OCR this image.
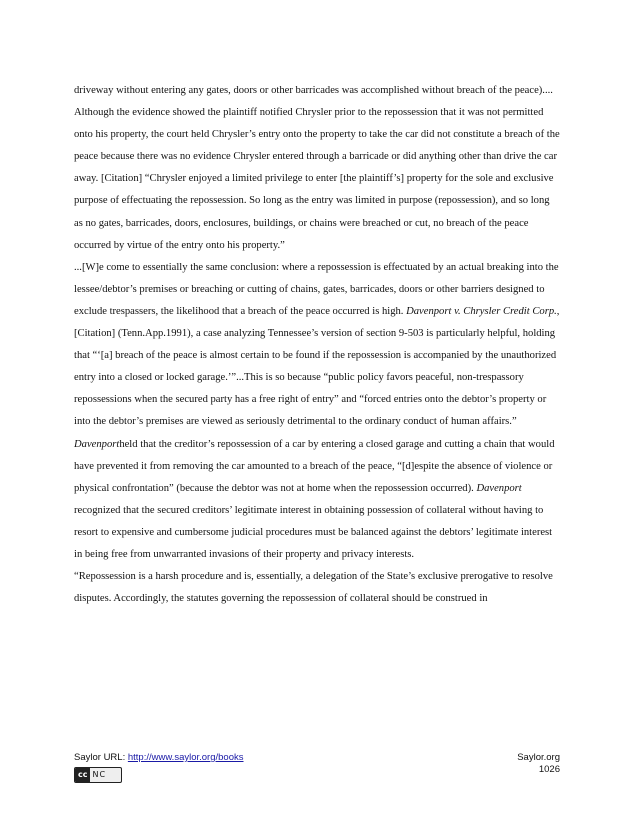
driveway without entering any gates, doors or other barricades was accomplished without breach of the peace)....

Although the evidence showed the plaintiff notified Chrysler prior to the repossession that it was not permitted onto his property, the court held Chrysler’s entry onto the property to take the car did not constitute a breach of the peace because there was no evidence Chrysler entered through a barricade or did anything other than drive the car away. [Citation] “Chrysler enjoyed a limited privilege to enter [the plaintiff’s] property for the sole and exclusive purpose of effectuating the repossession. So long as the entry was limited in purpose (repossession), and so long as no gates, barricades, doors, enclosures, buildings, or chains were breached or cut, no breach of the peace occurred by virtue of the entry onto his property.”

...[W]e come to essentially the same conclusion: where a repossession is effectuated by an actual breaking into the lessee/debtor’s premises or breaching or cutting of chains, gates, barricades, doors or other barriers designed to exclude trespassers, the likelihood that a breach of the peace occurred is high. Davenport v. Chrysler Credit Corp., [Citation] (Tenn.App.1991), a case analyzing Tennessee’s version of section 9-503 is particularly helpful, holding that “‘[a] breach of the peace is almost certain to be found if the repossession is accompanied by the unauthorized entry into a closed or locked garage.’”...This is so because “public policy favors peaceful, non-trespassory repossessions when the secured party has a free right of entry” and “forced entries onto the debtor’s property or into the debtor’s premises are viewed as seriously detrimental to the ordinary conduct of human affairs.” Davenportheld that the creditor’s repossession of a car by entering a closed garage and cutting a chain that would have prevented it from removing the car amounted to a breach of the peace, “[d]espite the absence of violence or physical confrontation” (because the debtor was not at home when the repossession occurred). Davenport recognized that the secured creditors’ legitimate interest in obtaining possession of collateral without having to resort to expensive and cumbersome judicial procedures must be balanced against the debtors’ legitimate interest in being free from unwarranted invasions of their property and privacy interests.

“Repossession is a harsh procedure and is, essentially, a delegation of the State’s exclusive prerogative to resolve disputes. Accordingly, the statutes governing the repossession of collateral should be construed in

Saylor URL: http://www.saylor.org/books
cc NC
Saylor.org
1026
